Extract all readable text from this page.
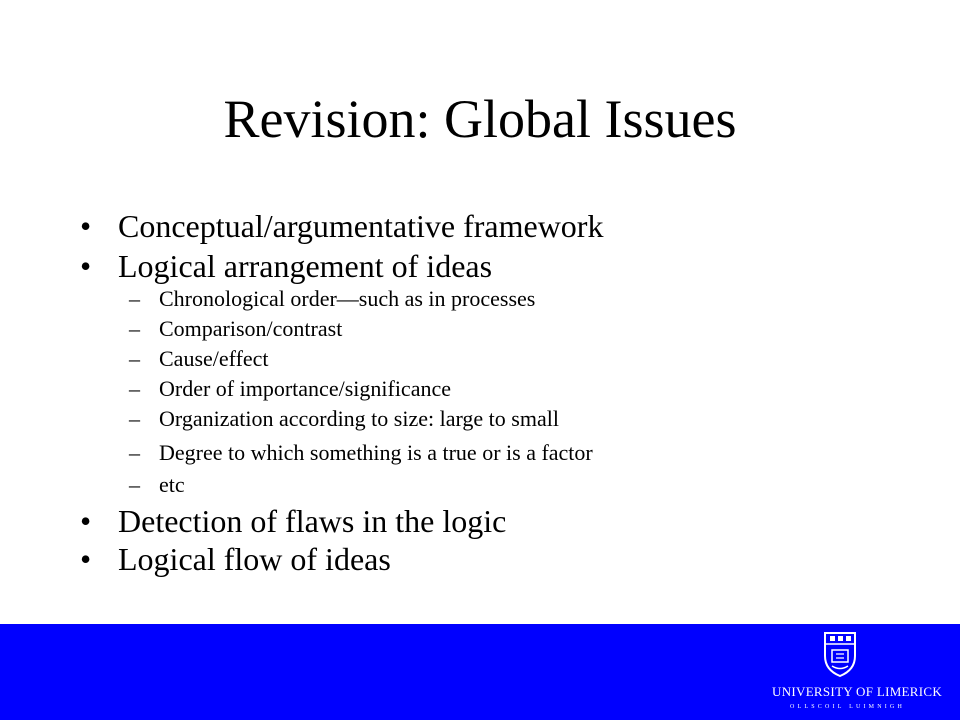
Revision: Global Issues
• Conceptual/argumentative framework
• Logical arrangement of ideas
– Chronological order—such as in processes
– Comparison/contrast
– Cause/effect
– Order of importance/significance
– Organization according to size: large to small
– Degree to which something is a true or is a factor
– etc
• Detection of flaws in the logic
• Logical flow of ideas
UNIVERSITY OF LIMERICK
OLLSCOIL LUIMNIGH
